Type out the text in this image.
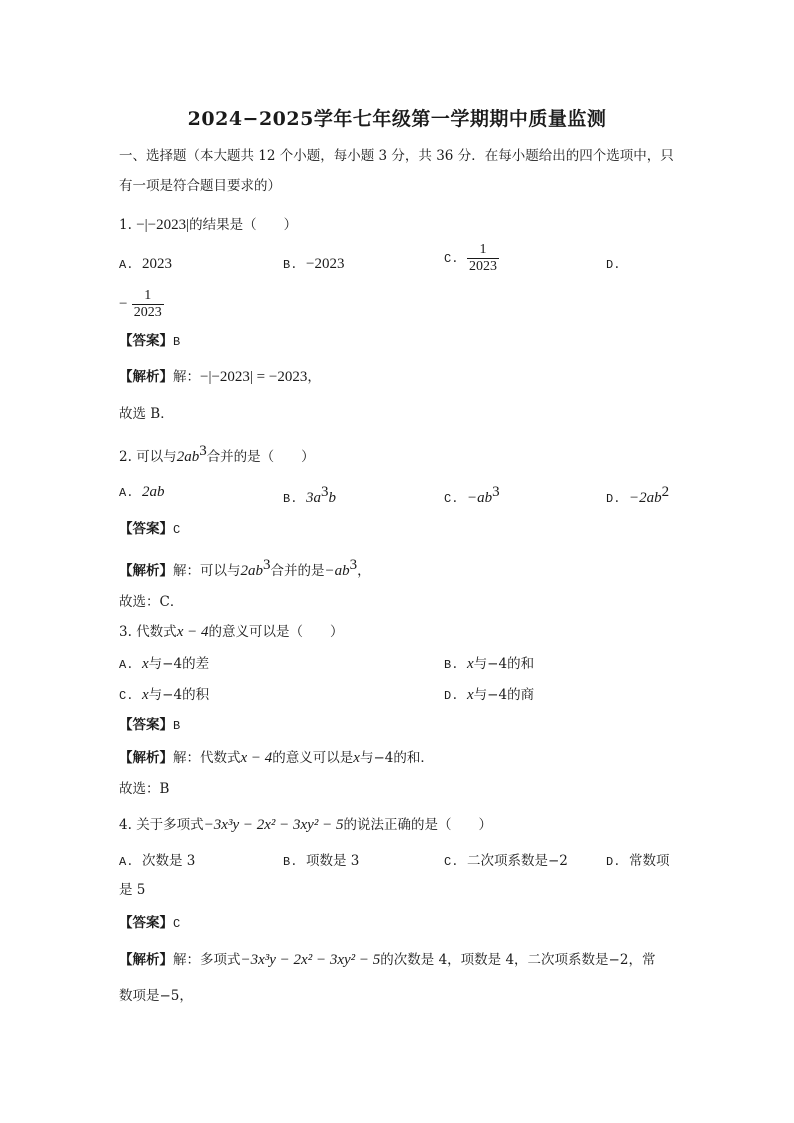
2024−2025学年七年级第一学期期中质量监测
一、选择题（本大题共 12 个小题，每小题 3 分，共 36 分．在每小题给出的四个选项中，只
有一项是符合题目要求的）
1. −|−2023|的结果是（　　）
A. 2023	B. −2023	C. $\frac{1}{2023}$	D.
− $\frac{1}{2023}$
【答案】B
【解析】解：−|−2023| = −2023，
故选 B．
2. 可以与$2ab^3$合并的是（　　）
A. 2ab	B. $3a^3b$	C. $-ab^3$	D. $-2ab^2$
【答案】C
【解析】解：可以与$2ab^3$合并的是$-ab^3$，
故选：C．
3. 代数式x − 4的意义可以是（　　）
A. x与−4的差	B. x与−4的和
C. x与−4的积	D. x与−4的商
【答案】B
【解析】解：代数式x − 4的意义可以是x与−4的和．
故选：B
4. 关于多项式−3x³y − 2x² − 3xy² − 5的说法正确的是（　　）
A. 次数是 3	B. 项数是 3	C. 二次项系数是−2	D. 常数项
是 5
【答案】C
【解析】解：多项式−3x³y − 2x² − 3xy² − 5的次数是 4，项数是 4，二次项系数是−2，常
数项是−5，
